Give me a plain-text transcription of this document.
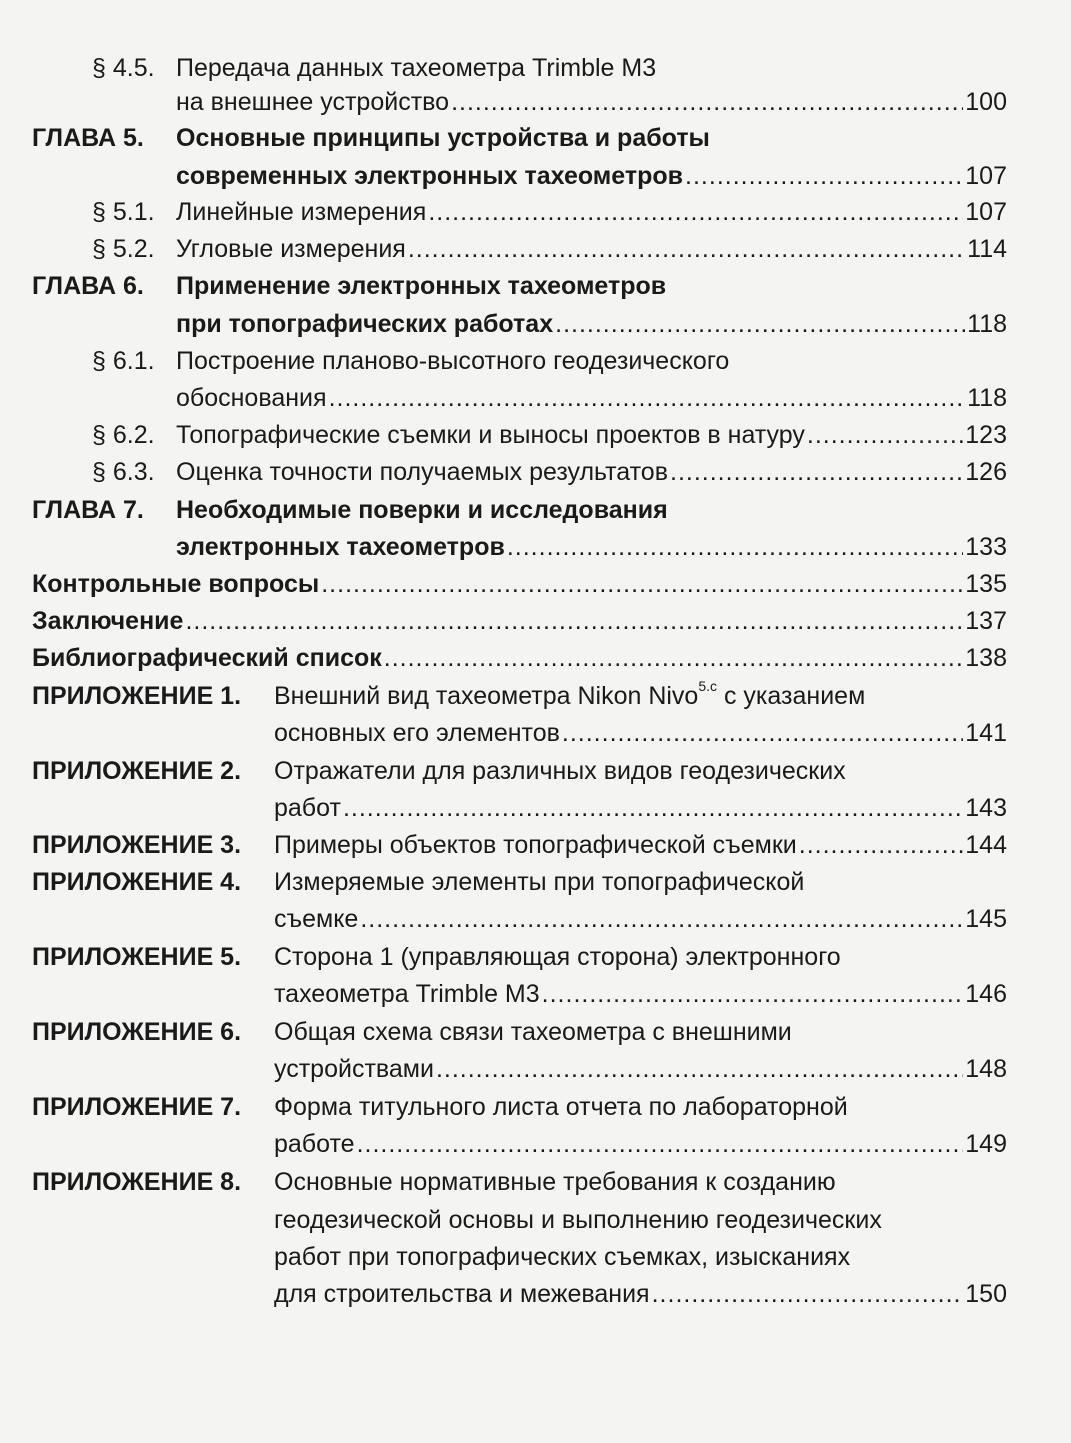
§ 4.5. Передача данных тахеометра Trimble M3
на внешнее устройство .....	100
ГЛАВА 5. Основные принципы устройства и работы
современных электронных тахеометров .....	107
§ 5.1. Линейные измерения .....	107
§ 5.2. Угловые измерения .....	114
ГЛАВА 6. Применение электронных тахеометров
при топографических работах .....	118
§ 6.1. Построение планово-высотного геодезического
обоснования .....	118
§ 6.2. Топографические съемки и выносы проектов в натуру .....	123
§ 6.3. Оценка точности получаемых результатов .....	126
ГЛАВА 7. Необходимые поверки и исследования
электронных тахеометров .....	133
Контрольные вопросы .....	135
Заключение .....	137
Библиографический список .....	138
ПРИЛОЖЕНИЕ 1. Внешний вид тахеометра Nikon Nivo$^{5.c}$ с указанием
основных его элементов .....	141
ПРИЛОЖЕНИЕ 2. Отражатели для различных видов геодезических
работ .....	143
ПРИЛОЖЕНИЕ 3. Примеры объектов топографической съемки .....	144
ПРИЛОЖЕНИЕ 4. Измеряемые элементы при топографической
съемке .....	145
ПРИЛОЖЕНИЕ 5. Сторона 1 (управляющая сторона) электронного
тахеометра Trimble M3 .....	146
ПРИЛОЖЕНИЕ 6. Общая схема связи тахеометра с внешними
устройствами .....	148
ПРИЛОЖЕНИЕ 7. Форма титульного листа отчета по лабораторной
работе .....	149
ПРИЛОЖЕНИЕ 8. Основные нормативные требования к созданию
геодезической основы и выполнению геодезических
работ при топографических съемках, изысканиях
для строительства и межевания .....	150
